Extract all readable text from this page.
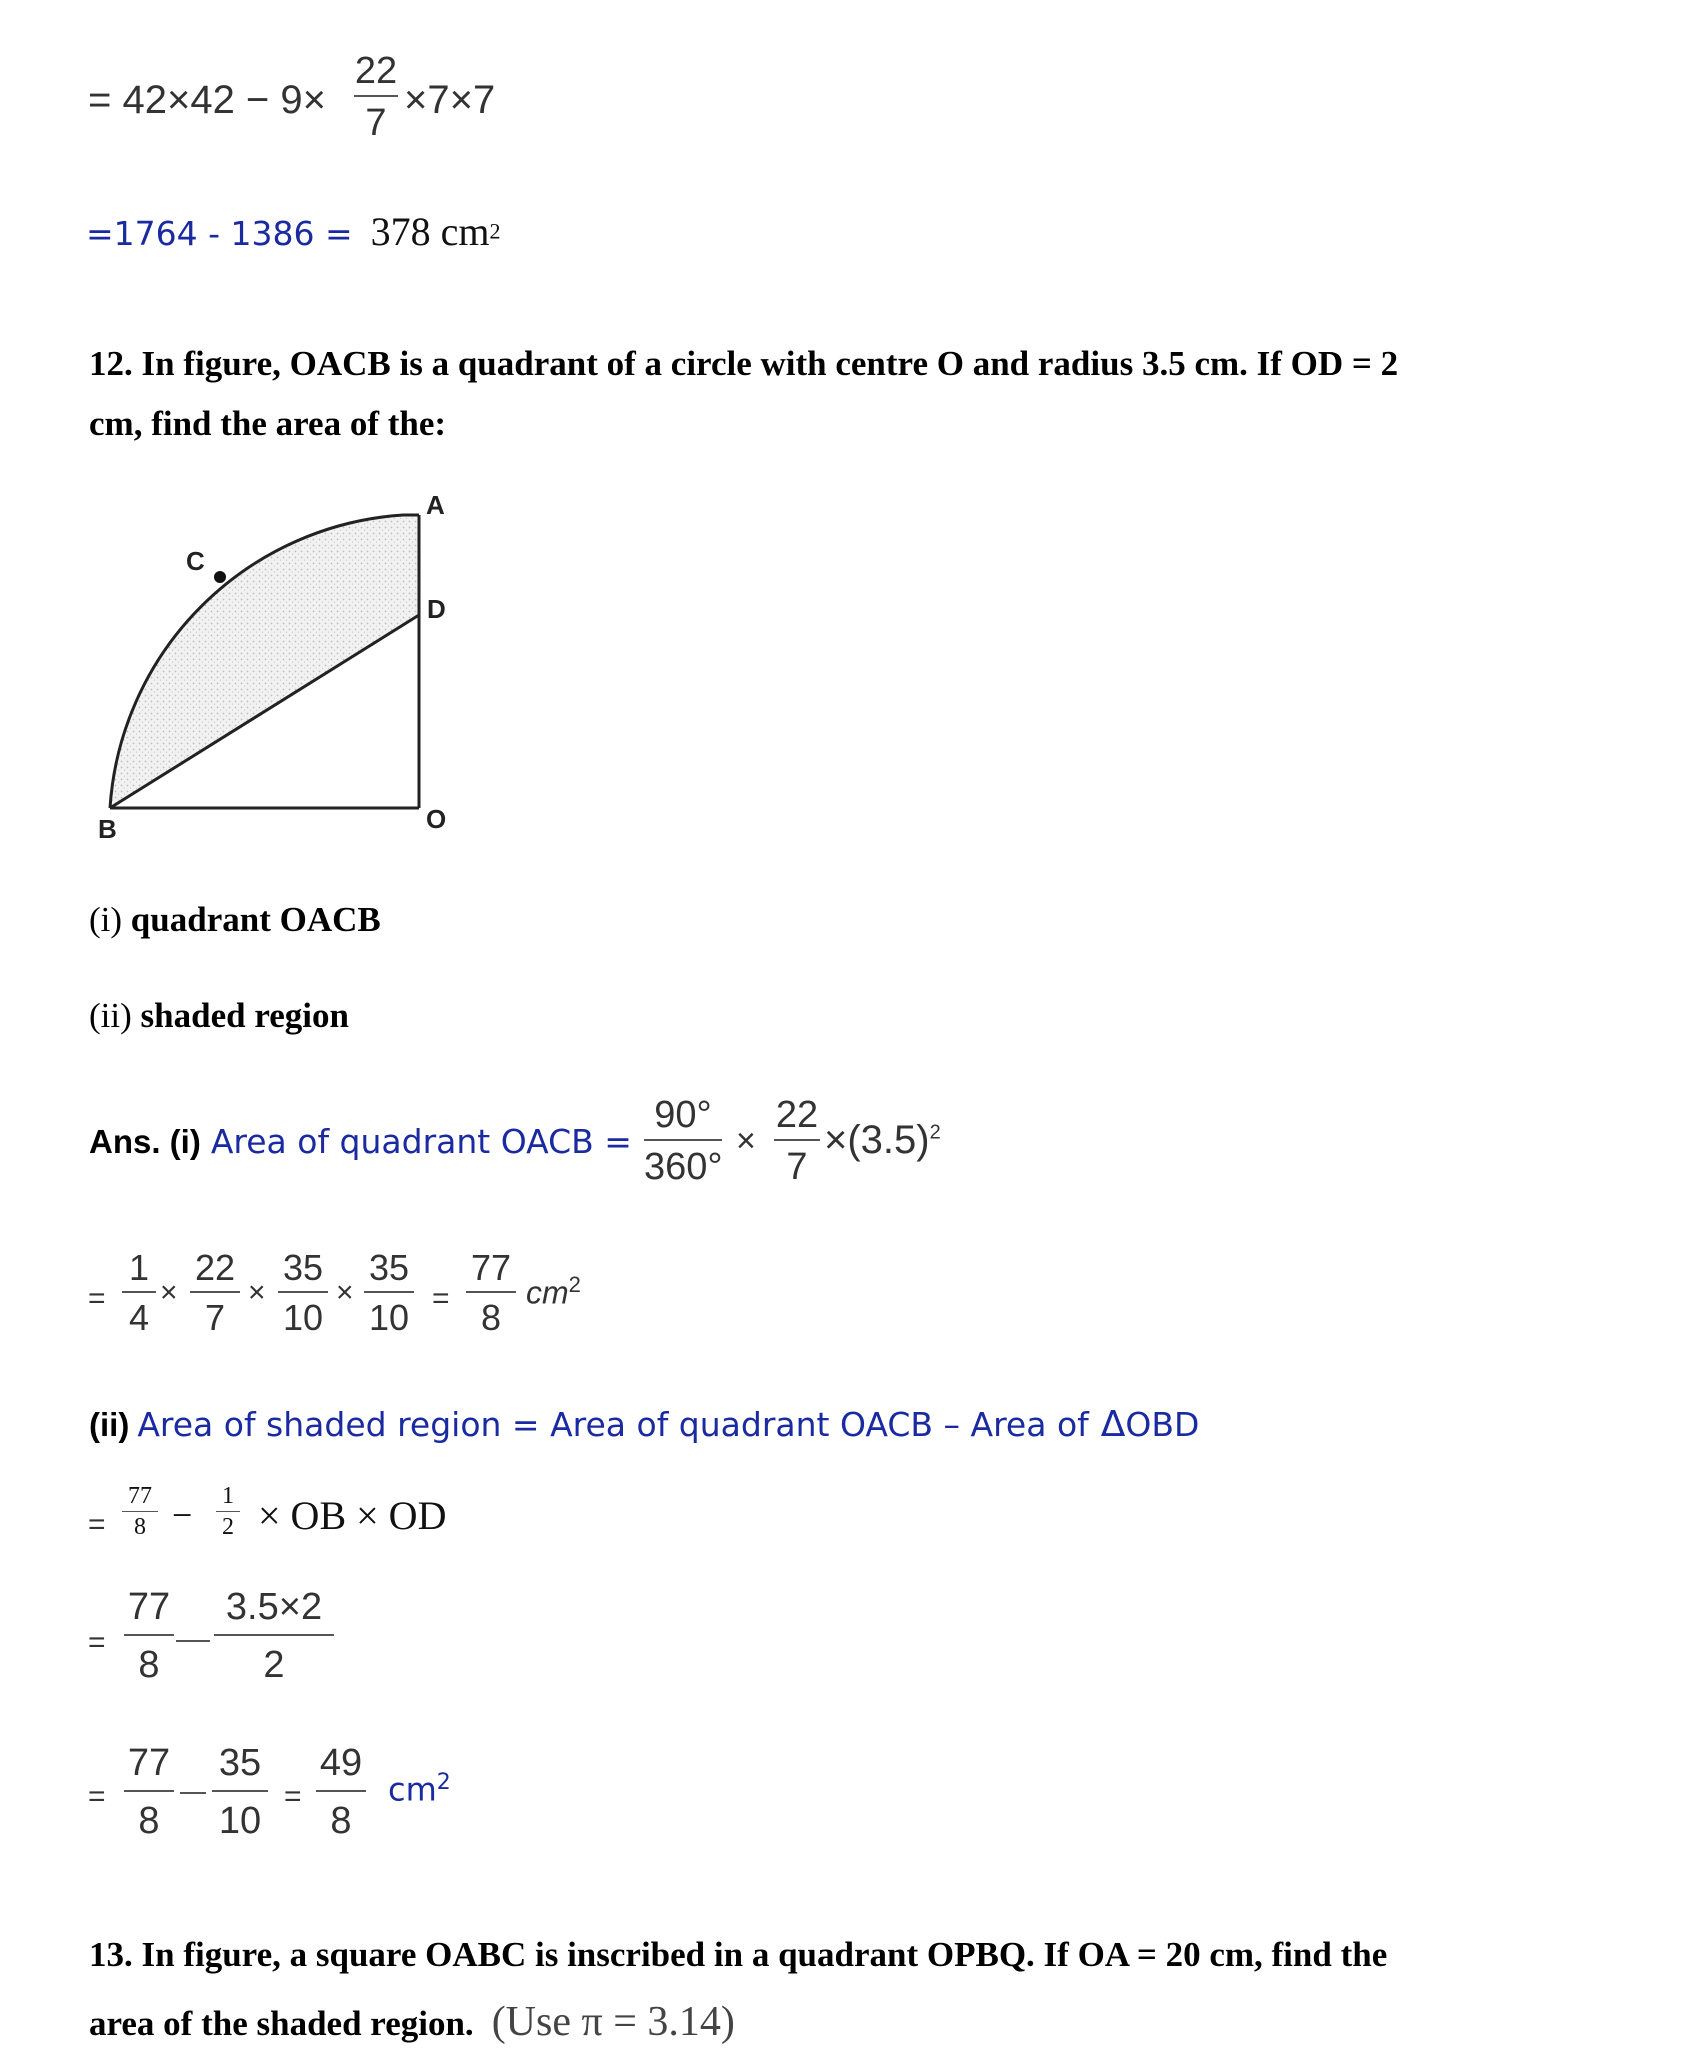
= 42×42 − 9×
22
7
×7×7
=1764 - 1386 = 378 $cm^2$
12. In figure, OACB is a quadrant of a circle with centre O and radius 3.5 cm. If OD = 2
cm, find the area of the:
A
C
D
B	O
(i) quadrant OACB
(ii) shaded region
Ans. (i) Area of quadrant OACB =
90°
360°
×
22
7
$\times(3.5)^2$
=
1
4
×
22
7
×
35
10
×
35
10 =
77
8
$cm^2$
(ii) Area of shaded region = Area of quadrant OACB – Area of ΔOBD
=
77
8 − 1
2 × OB × OD
=
77
8
3.5×2
2
=
77
8
35
10
=
49
8
$cm^2$
13. In figure, a square OABC is inscribed in a quadrant OPBQ. If OA = 20 cm, find the
area of the shaded region. (Use π = 3.14)
